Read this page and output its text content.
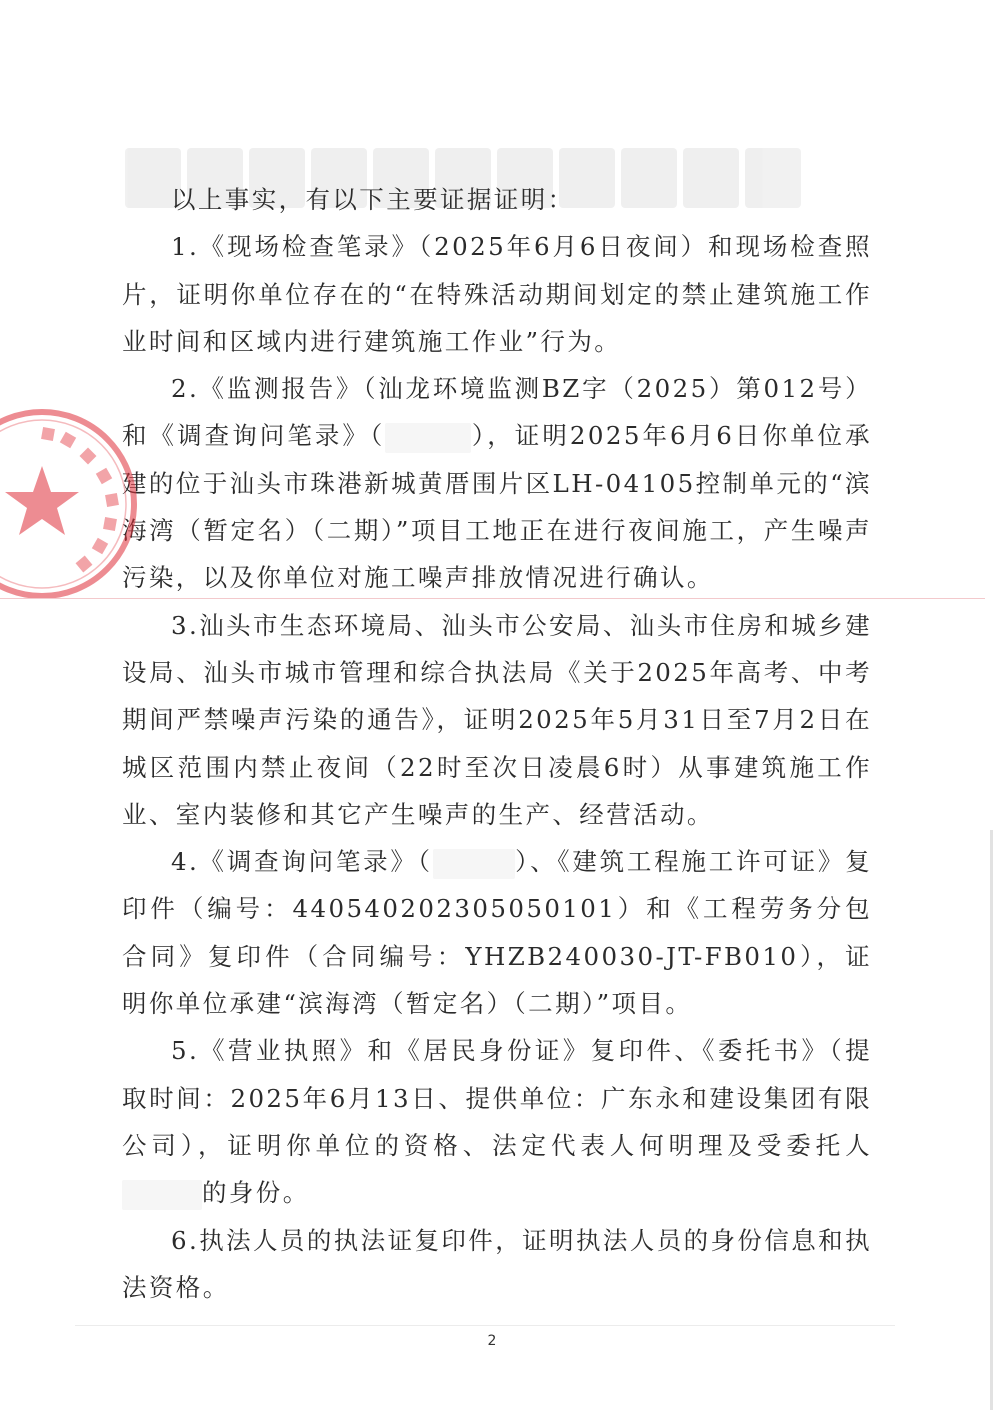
以上事实，有以下主要证据证明：

1.《现场检查笔录》（2025年6月6日夜间）和现场检查照片，证明你单位存在的“在特殊活动期间划定的禁止建筑施工作业时间和区域内进行建筑施工作业”行为。

2.《监测报告》（汕龙环境监测BZ字（2025）第012号）和《调查询问笔录》（	），证明2025年6月6日你单位承建的位于汕头市珠港新城黄厝围片区LH-04105控制单元的“滨海湾（暂定名）（二期）”项目工地正在进行夜间施工，产生噪声污染，以及你单位对施工噪声排放情况进行确认。

3.汕头市生态环境局、汕头市公安局、汕头市住房和城乡建设局、汕头市城市管理和综合执法局《关于2025年高考、中考期间严禁噪声污染的通告》，证明2025年5月31日至7月2日在城区范围内禁止夜间（22时至次日凌晨6时）从事建筑施工作业、室内装修和其它产生噪声的生产、经营活动。

4.《调查询问笔录》（	）、《建筑工程施工许可证》复印件（编号：440540202305050101）和《工程劳务分包合同》复印件（合同编号：YHZB240030-JT-FB010），证明你单位承建“滨海湾（暂定名）（二期）”项目。

5.《营业执照》和《居民身份证》复印件、《委托书》（提取时间：2025年6月13日、提供单位：广东永和建设集团有限公司），证明你单位的资格、法定代表人何明理及受委托人的身份。

6.执法人员的执法证复印件，证明执法人员的身份信息和执法资格。

2
